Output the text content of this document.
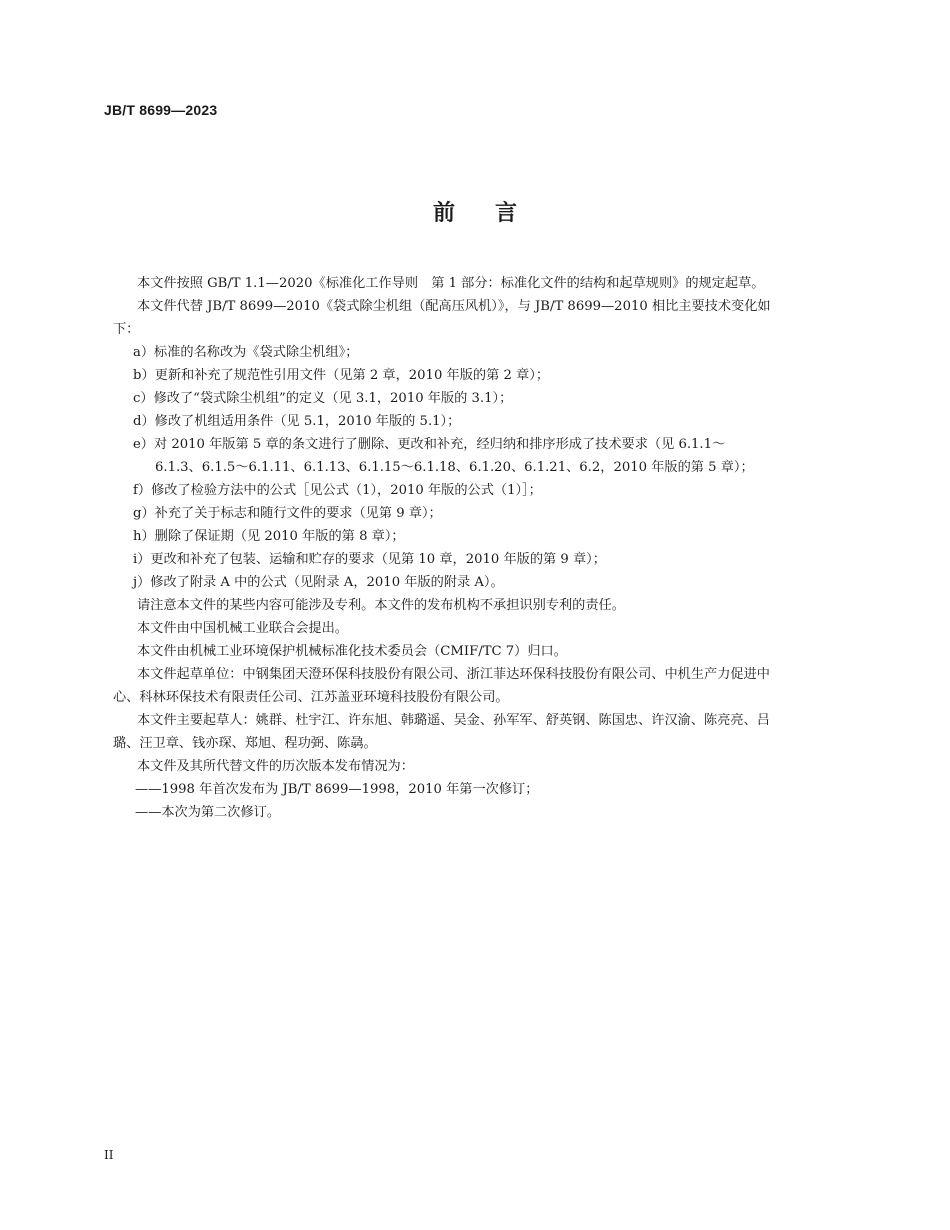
JB/T 8699—2023
前 言

本文件按照 GB/T 1.1—2020《标准化工作导则　第 1 部分：标准化文件的结构和起草规则》的规定起草。

本文件代替 JB/T 8699—2010《袋式除尘机组（配高压风机）》，与 JB/T 8699—2010 相比主要技术变化如下：

a）标准的名称改为《袋式除尘机组》；

b）更新和补充了规范性引用文件（见第 2 章，2010 年版的第 2 章）；

c）修改了“袋式除尘机组”的定义（见 3.1，2010 年版的 3.1）；

d）修改了机组适用条件（见 5.1，2010 年版的 5.1）；

e）对 2010 年版第 5 章的条文进行了删除、更改和补充，经归纳和排序形成了技术要求（见 6.1.1～
6.1.3、6.1.5～6.1.11、6.1.13、6.1.15～6.1.18、6.1.20、6.1.21、6.2，2010 年版的第 5 章）；

f）修改了检验方法中的公式［见公式（1），2010 年版的公式（1）］；

g）补充了关于标志和随行文件的要求（见第 9 章）；

h）删除了保证期（见 2010 年版的第 8 章）；

i）更改和补充了包装、运输和贮存的要求（见第 10 章，2010 年版的第 9 章）；

j）修改了附录 A 中的公式（见附录 A，2010 年版的附录 A）。

请注意本文件的某些内容可能涉及专利。本文件的发布机构不承担识别专利的责任。

本文件由中国机械工业联合会提出。

本文件由机械工业环境保护机械标准化技术委员会（CMIF/TC 7）归口。

本文件起草单位：中钢集团天澄环保科技股份有限公司、浙江菲达环保科技股份有限公司、中机生产力促进中心、科林环保技术有限责任公司、江苏盖亚环境科技股份有限公司。

本文件主要起草人：姚群、杜宇江、许东旭、韩璐遥、吴金、孙军军、舒英钢、陈国忠、许汉渝、陈亮亮、吕璐、汪卫章、钱亦琛、郑旭、程功弼、陈骉。

本文件及其所代替文件的历次版本发布情况为：

——1998 年首次发布为 JB/T 8699—1998，2010 年第一次修订；

——本次为第二次修订。

II
